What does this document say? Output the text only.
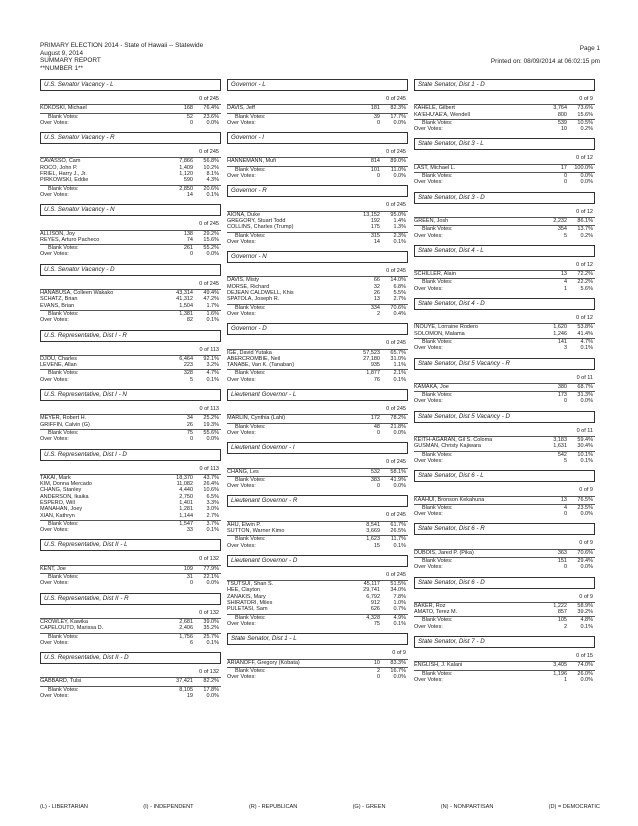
PRIMARY ELECTION 2014 - State of Hawaii -- Statewide
August 9, 2014
SUMMARY REPORT
**NUMBER 1**
Page 1
Printed on: 08/09/2014 at 06:02:15 pm
U.S. Senator Vacancy - L
0 of 245
KOKOSKI, Michael	168	76.4%
Blank Votes:	52	23.6%
Over Votes:	0	0.0%
U.S. Senator Vacancy - R
0 of 245
CAVASSO, Cam	7,866	56.8%
ROCO, John P.	1,409	10.2%
FRIEL, Harry J., Jr.	1,120	8.1%
PIRKOWSKI, Eddie	590	4.3%
Blank Votes:	2,850	20.6%
Over Votes:	14	0.1%
U.S. Senator Vacancy - N
0 of 245
ALLISON, Joy	138	29.2%
REYES, Arturo Pacheco	74	15.6%
Blank Votes:	261	55.2%
Over Votes:	0	0.0%
U.S. Senator Vacancy - D
0 of 245
HANABUSA, Colleen Wakako	43,314	49.4%
SCHATZ, Brian	41,312	47.2%
EVANS, Brian	1,504	1.7%
Blank Votes:	1,381	1.6%
Over Votes:	82	0.1%
U.S. Representative, Dist I - R
0 of 113
DJOU, Charles	6,464	92.1%
LEVENE, Allan	223	3.2%
Blank Votes:	328	4.7%
Over Votes:	5	0.1%
U.S. Representative, Dist I - N
0 of 113
MEYER, Robert H.	34	25.2%
GRIFFIN, Calvin (G)	26	19.3%
Blank Votes:	75	55.6%
Over Votes:	0	0.0%
U.S. Representative, Dist I - D
0 of 113
TAKAI, Mark	18,370	43.7%
KIM, Donna Mercado	11,082	26.4%
CHANG, Stanley	4,440	10.6%
ANDERSON, Ikaika	2,750	6.5%
ESPERO, Will	1,401	3.3%
MANAHAN, Joey	1,281	3.0%
XIAN, Kathryn	1,144	2.7%
Blank Votes:	1,547	3.7%
Over Votes:	33	0.1%
U.S. Representative, Dist II - L
0 of 132
KENT, Joe	109	77.9%
Blank Votes:	31	22.1%
Over Votes:	0	0.0%
U.S. Representative, Dist II - R
0 of 132
CROWLEY, Kawika	2,681	39.0%
CAPELOUTO, Marissa D.	2,406	35.2%
Blank Votes:	1,756	25.7%
Over Votes:	6	0.1%
U.S. Representative, Dist II - D
0 of 132
GABBARD, Tulsi	37,421	82.2%
Blank Votes:	8,105	17.8%
Over Votes:	19	0.0%
Governor - L
0 of 245
DAVIS, Jeff	181	82.3%
Blank Votes:	39	17.7%
Over Votes:	0	0.0%
Governor - I
0 of 245
HANNEMANN, Mufi	814	89.0%
Blank Votes:	101	11.0%
Over Votes:	0	0.0%
Governor - R
0 of 245
AIONA, Duke	13,152	95.0%
GREGORY, Stuart Todd	192	1.4%
COLLINS, Charles (Trump)	175	1.3%
Blank Votes:	315	2.3%
Over Votes:	14	0.1%
Governor - N
0 of 245
DAVIS, Misty	66	14.0%
MORSE, Richard	32	6.8%
DEJEAN CALDWELL, Khis	26	5.5%
SPATOLA, Joseph R.	13	2.7%
Blank Votes:	334	70.6%
Over Votes:	2	0.4%
Governor - D
0 of 245
IGE, David Yutaka	57,523	65.7%
ABERCROMBIE, Neil	27,180	31.0%
TANABE, Van K. (Tanaban)	935	1.1%
Blank Votes:	1,877	2.1%
Over Votes:	76	0.1%
Lieutenant Governor - L
0 of 245
MARLIN, Cynthia (Lahi)	172	78.2%
Blank Votes:	48	21.8%
Over Votes:	0	0.0%
Lieutenant Governor - I
0 of 245
CHANG, Les	532	58.1%
Blank Votes:	383	41.9%
Over Votes:	0	0.0%
Lieutenant Governor - R
0 of 245
AHU, Elwin P.	8,541	61.7%
SUTTON, Warner Kimo	3,669	26.5%
Blank Votes:	1,623	11.7%
Over Votes:	15	0.1%
Lieutenant Governor - D
0 of 245
TSUTSUI, Shan S.	45,117	51.5%
HEE, Clayton	29,741	34.0%
ZANAKIS, Mary	6,792	7.8%
SHIRATORI, Miles	912	1.0%
PULETASI, Sam	626	0.7%
Blank Votes:	4,328	4.9%
Over Votes:	75	0.1%
State Senator, Dist 1 - L
0 of 9
ARIANOFF, Gregory (Kobata)	10	83.3%
Blank Votes:	2	16.7%
Over Votes:	0	0.0%
State Senator, Dist 1 - D
0 of 9
KAHELE, Gilbert	3,764	73.6%
KA'EHU'AE'A, Wendell	800	15.6%
Blank Votes:	539	10.5%
Over Votes:	10	0.2%
State Senator, Dist 3 - L
0 of 12
LAST, Michael L.	17	100.0%
Blank Votes:	0	0.0%
Over Votes:	0	0.0%
State Senator, Dist 3 - D
0 of 12
GREEN, Josh	2,232	86.1%
Blank Votes:	354	13.7%
Over Votes:	5	0.2%
State Senator, Dist 4 - L
0 of 12
SCHILLER, Alain	13	72.2%
Blank Votes:	4	22.2%
Over Votes:	1	5.6%
State Senator, Dist 4 - D
0 of 12
INOUYE, Lorraine Rodero	1,620	53.8%
SOLOMON, Malama	1,246	41.4%
Blank Votes:	141	4.7%
Over Votes:	3	0.1%
State Senator, Dist 5 Vacancy - R
0 of 11
KAMAKA, Joe	380	68.7%
Blank Votes:	173	31.3%
Over Votes:	0	0.0%
State Senator, Dist 5 Vacancy - D
0 of 11
KEITH-AGARAN, Gil S. Coloma	3,183	59.4%
GUSMAN, Christy Kajiwara	1,631	30.4%
Blank Votes:	542	10.1%
Over Votes:	5	0.1%
State Senator, Dist 6 - L
0 of 9
KAAHUI, Bronson Kekahuna	13	76.5%
Blank Votes:	4	23.5%
Over Votes:	0	0.0%
State Senator, Dist 6 - R
0 of 9
DUBOIS, Jared P. (Pika)	363	70.6%
Blank Votes:	151	29.4%
Over Votes:	0	0.0%
State Senator, Dist 6 - D
0 of 9
BAKER, Roz	1,222	58.9%
AMATO, Terez M.	857	39.2%
Blank Votes:	105	4.8%
Over Votes:	2	0.1%
State Senator, Dist 7 - D
0 of 15
ENGLISH, J. Kalani	3,405	74.0%
Blank Votes:	1,196	26.0%
Over Votes:	1	0.0%
(L) - LIBERTARIAN	(I) - INDEPENDENT	(R) - REPUBLICAN	(G) - GREEN	(N) - NONPARTISAN	(D) = DEMOCRATIC
